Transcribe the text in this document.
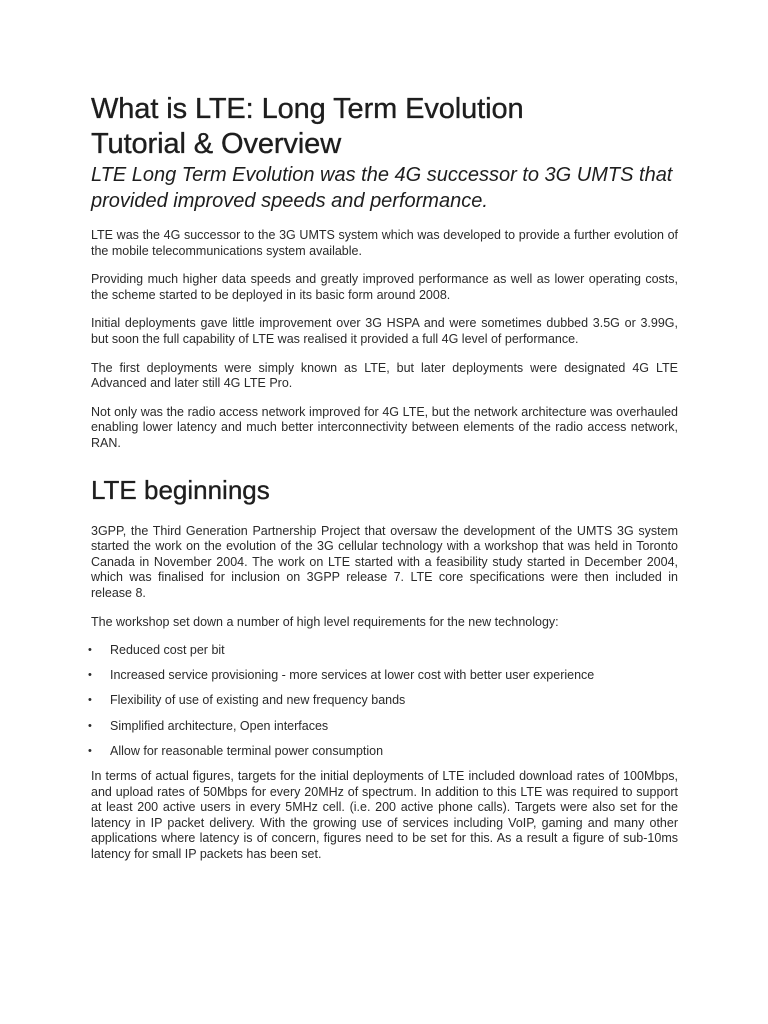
What is LTE: Long Term Evolution
Tutorial & Overview

LTE Long Term Evolution was the 4G successor to 3G UMTS that provided improved speeds and performance.

LTE was the 4G successor to the 3G UMTS system which was developed to provide a further evolution of the mobile telecommunications system available.

Providing much higher data speeds and greatly improved performance as well as lower operating costs, the scheme started to be deployed in its basic form around 2008.

Initial deployments gave little improvement over 3G HSPA and were sometimes dubbed 3.5G or 3.99G, but soon the full capability of LTE was realised it provided a full 4G level of performance.

The first deployments were simply known as LTE, but later deployments were designated 4G LTE Advanced and later still 4G LTE Pro.

Not only was the radio access network improved for 4G LTE, but the network architecture was overhauled enabling lower latency and much better interconnectivity between elements of the radio access network, RAN.

LTE beginnings

3GPP, the Third Generation Partnership Project that oversaw the development of the UMTS 3G system started the work on the evolution of the 3G cellular technology with a workshop that was held in Toronto Canada in November 2004. The work on LTE started with a feasibility study started in December 2004, which was finalised for inclusion on 3GPP release 7. LTE core specifications were then included in release 8.

The workshop set down a number of high level requirements for the new technology:

• Reduced cost per bit
• Increased service provisioning - more services at lower cost with better user experience
• Flexibility of use of existing and new frequency bands
• Simplified architecture, Open interfaces
• Allow for reasonable terminal power consumption

In terms of actual figures, targets for the initial deployments of LTE included download rates of 100Mbps, and upload rates of 50Mbps for every 20MHz of spectrum. In addition to this LTE was required to support at least 200 active users in every 5MHz cell. (i.e. 200 active phone calls). Targets were also set for the latency in IP packet delivery. With the growing use of services including VoIP, gaming and many other applications where latency is of concern, figures need to be set for this. As a result a figure of sub-10ms latency for small IP packets has been set.
